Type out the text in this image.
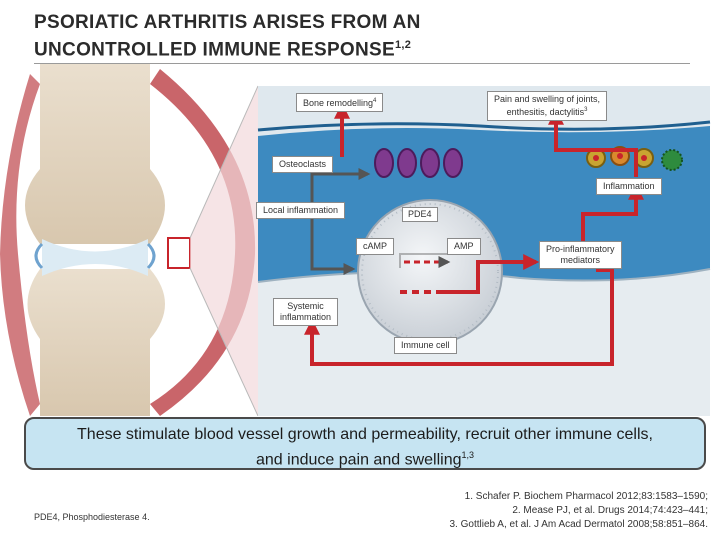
PSORIATIC ARTHRITIS ARISES FROM AN
UNCONTROLLED IMMUNE RESPONSE$^{1,2}$
Bone remodelling$^4$	Pain and swelling of joints,
enthesitis, dactylitis$^3$
Osteoclasts
Inflammation
Local inflammation	PDE4
cAMP	AMP	Pro-inflammatory
mediators
Systemic
inflammation
Immune cell
These stimulate blood vessel growth and permeability, recruit other immune cells,
and induce pain and swelling$^{1,3}$
PDE4, Phosphodiesterase 4.
1. Schafer P. Biochem Pharmacol 2012;83:1583–1590;
2. Mease PJ, et al. Drugs 2014;74:423–441;
3. Gottlieb A, et al. J Am Acad Dermatol 2008;58:851–864.
